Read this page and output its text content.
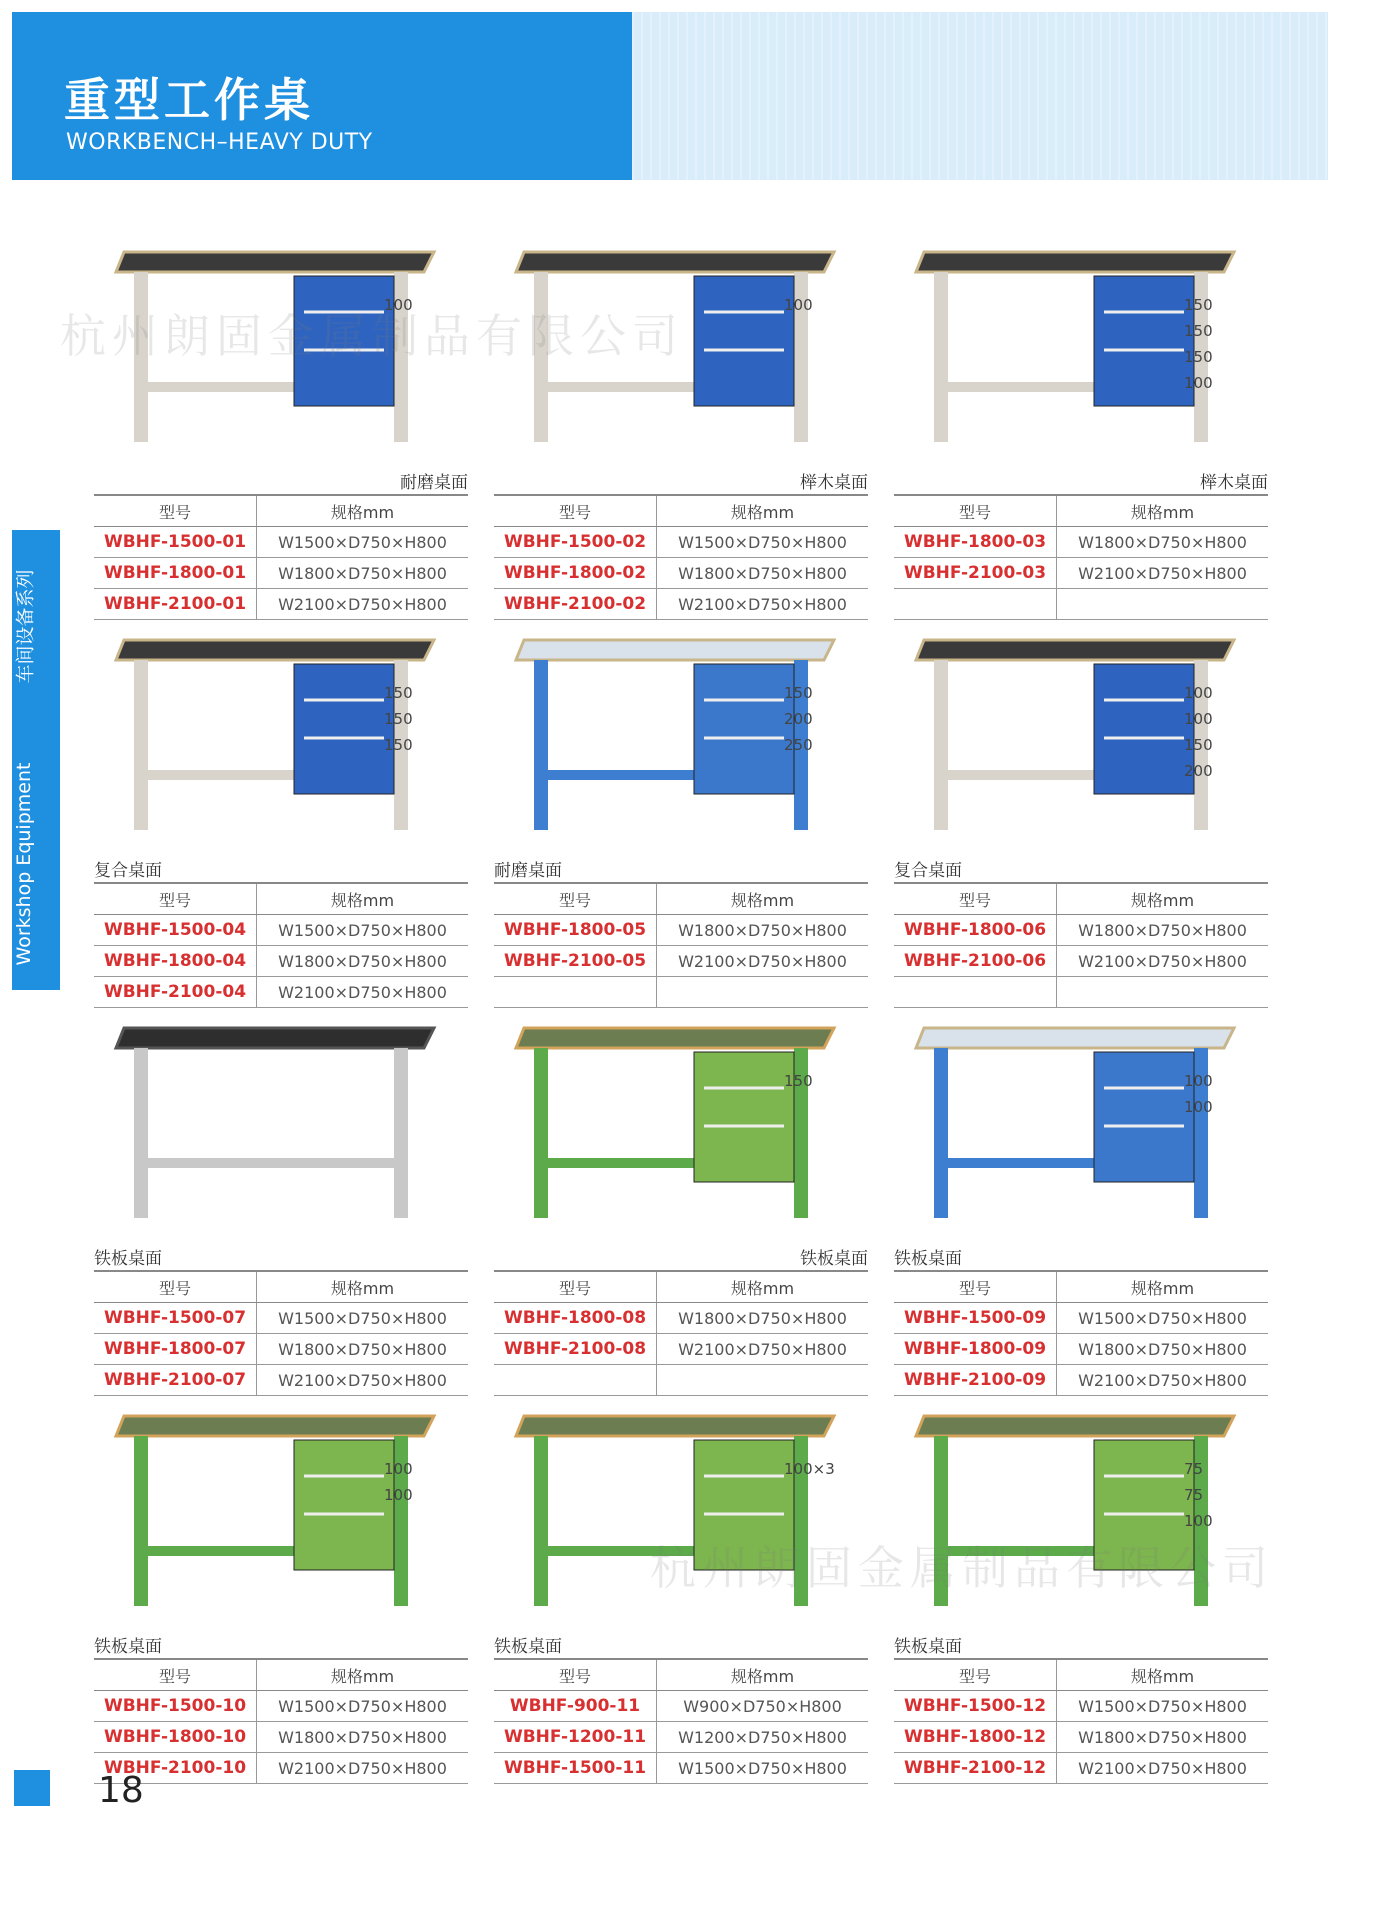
重型工作桌
WORKBENCH–HEAVY DUTY
车间设备系列
Workshop Equipment
100
耐磨桌面
型号	规格mm
WBHF-1500-01	W1500×D750×H800
WBHF-1800-01	W1800×D750×H800
WBHF-2100-01	W2100×D750×H800
100
榉木桌面
型号	规格mm
WBHF-1500-02	W1500×D750×H800
WBHF-1800-02	W1800×D750×H800
WBHF-2100-02	W2100×D750×H800
150
150
150
100
榉木桌面
型号	规格mm
WBHF-1800-03	W1800×D750×H800
WBHF-2100-03	W2100×D750×H800

150
150
150
复合桌面
型号	规格mm
WBHF-1500-04	W1500×D750×H800
WBHF-1800-04	W1800×D750×H800
WBHF-2100-04	W2100×D750×H800
150
200
250
耐磨桌面
型号	规格mm
WBHF-1800-05	W1800×D750×H800
WBHF-2100-05	W2100×D750×H800

100
100
150
200
复合桌面
型号	规格mm
WBHF-1800-06	W1800×D750×H800
WBHF-2100-06	W2100×D750×H800

铁板桌面
型号	规格mm
WBHF-1500-07	W1500×D750×H800
WBHF-1800-07	W1800×D750×H800
WBHF-2100-07	W2100×D750×H800
150
铁板桌面
型号	规格mm
WBHF-1800-08	W1800×D750×H800
WBHF-2100-08	W2100×D750×H800

100
100
铁板桌面
型号	规格mm
WBHF-1500-09	W1500×D750×H800
WBHF-1800-09	W1800×D750×H800
WBHF-2100-09	W2100×D750×H800
100
100
铁板桌面
型号	规格mm
WBHF-1500-10	W1500×D750×H800
WBHF-1800-10	W1800×D750×H800
WBHF-2100-10	W2100×D750×H800
100×3
铁板桌面
型号	规格mm
WBHF-900-11	W900×D750×H800
WBHF-1200-11	W1200×D750×H800
WBHF-1500-11	W1500×D750×H800
75
75
100
铁板桌面
型号	规格mm
WBHF-1500-12	W1500×D750×H800
WBHF-1800-12	W1800×D750×H800
WBHF-2100-12	W2100×D750×H800
杭州朗固金属制品有限公司
杭州朗固金属制品有限公司
18
